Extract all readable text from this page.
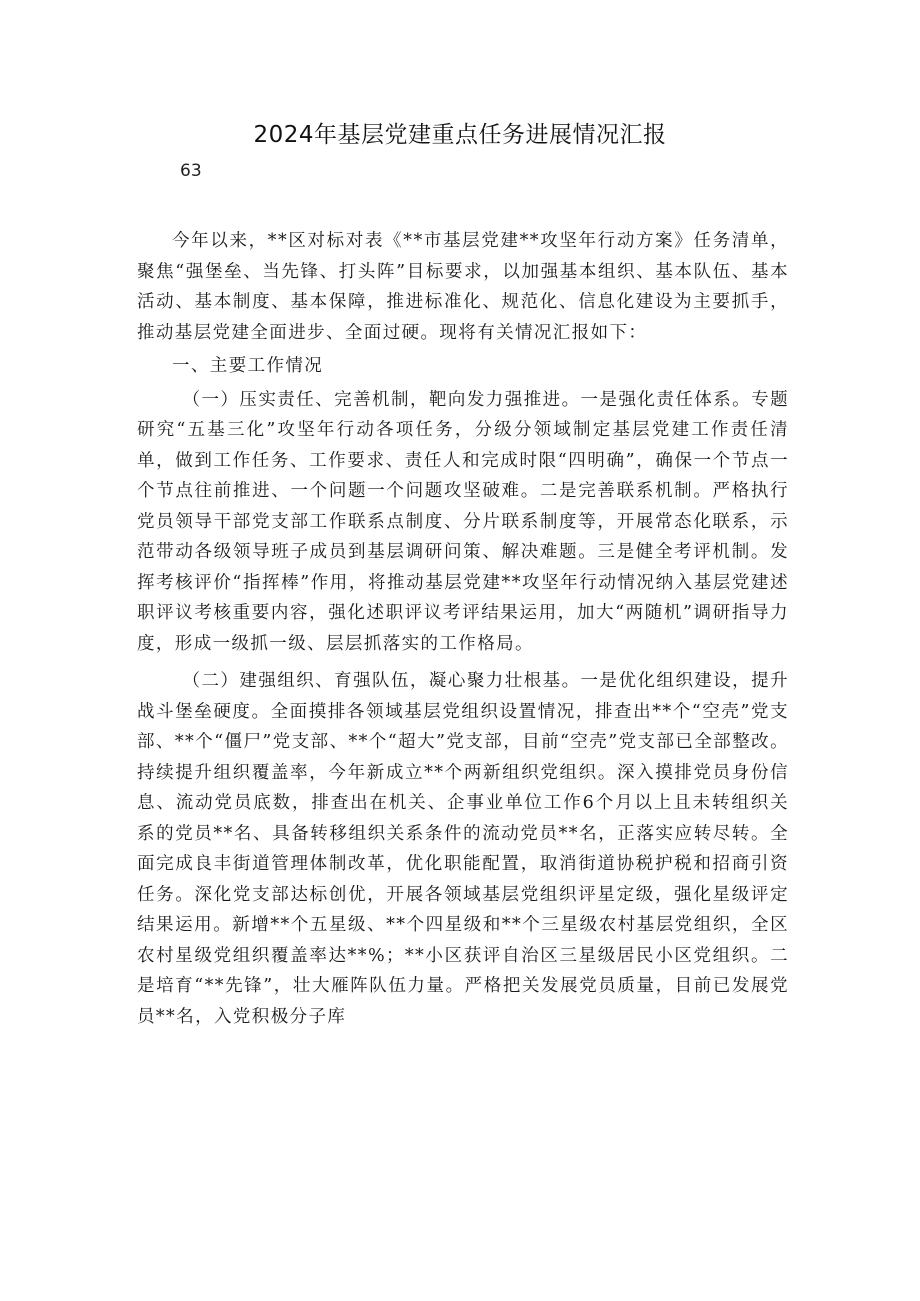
2024年基层党建重点任务进展情况汇报
63

今年以来，**区对标对表《**市基层党建**攻坚年行动方案》任务清单，聚焦“强堡垒、当先锋、打头阵”目标要求，以加强基本组织、基本队伍、基本活动、基本制度、基本保障，推进标准化、规范化、信息化建设为主要抓手，推动基层党建全面进步、全面过硬。现将有关情况汇报如下：

一、主要工作情况

（一）压实责任、完善机制，靶向发力强推进。一是强化责任体系。专题研究“五基三化”攻坚年行动各项任务，分级分领域制定基层党建工作责任清单，做到工作任务、工作要求、责任人和完成时限“四明确”，确保一个节点一个节点往前推进、一个问题一个问题攻坚破难。二是完善联系机制。严格执行党员领导干部党支部工作联系点制度、分片联系制度等，开展常态化联系，示范带动各级领导班子成员到基层调研问策、解决难题。三是健全考评机制。发挥考核评价“指挥棒”作用，将推动基层党建**攻坚年行动情况纳入基层党建述职评议考核重要内容，强化述职评议考评结果运用，加大“两随机”调研指导力度，形成一级抓一级、层层抓落实的工作格局。

（二）建强组织、育强队伍，凝心聚力壮根基。一是优化组织建设，提升战斗堡垒硬度。全面摸排各领域基层党组织设置情况，排查出**个“空壳”党支部、**个“僵尸”党支部、**个“超大”党支部，目前“空壳”党支部已全部整改。持续提升组织覆盖率，今年新成立**个两新组织党组织。深入摸排党员身份信息、流动党员底数，排查出在机关、企事业单位工作6个月以上且未转组织关系的党员**名、具备转移组织关系条件的流动党员**名，正落实应转尽转。全面完成良丰街道管理体制改革，优化职能配置，取消街道协税护税和招商引资任务。深化党支部达标创优，开展各领域基层党组织评星定级，强化星级评定结果运用。新增**个五星级、**个四星级和**个三星级农村基层党组织，全区农村星级党组织覆盖率达**%；**小区获评自治区三星级居民小区党组织。二是培育“**先锋”，壮大雁阵队伍力量。严格把关发展党员质量，目前已发展党员**名，入党积极分子库
